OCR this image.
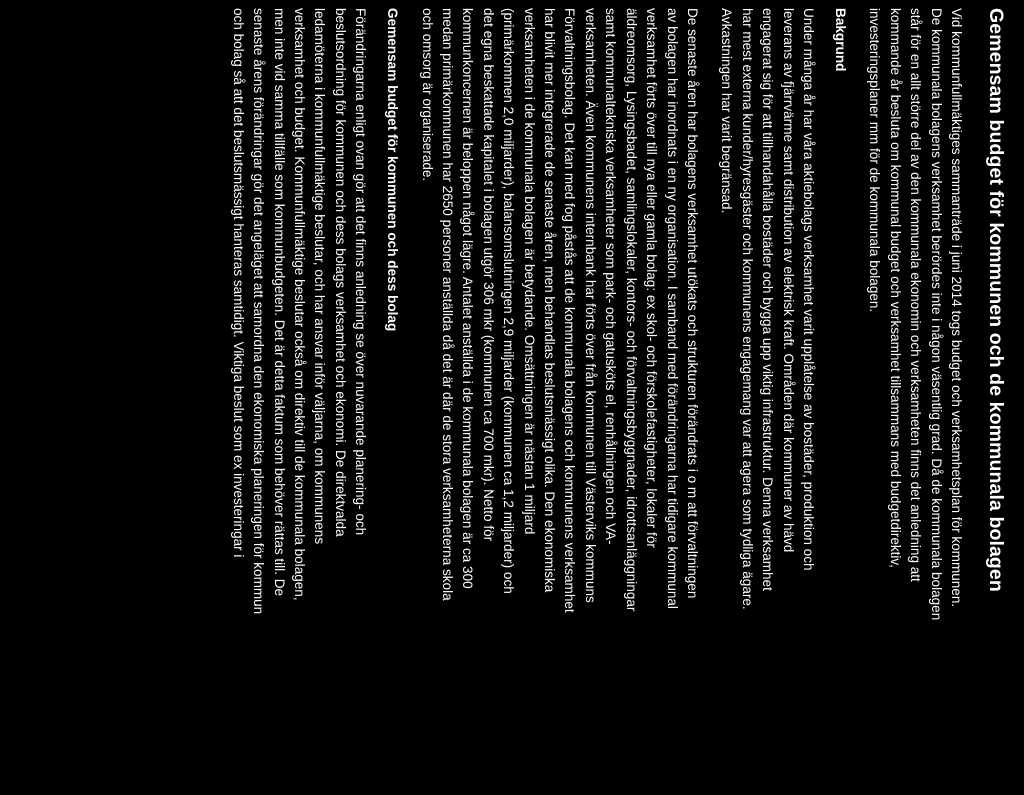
Gemensam budget för kommunen och de kommunala bolagen
Vid kommunfullmäktiges sammanträde i juni 2014 togs budget och verksamhetsplan för kommunen.
De kommunala bolagens verksamhet berördes inte i någon väsentlig grad. Då de kommunala bolagen
står för en allt större del av den kommunala ekonomin och verksamheten finns det anledning att
kommande år besluta om kommunal budget och verksamhet tillsammans med budgetdirektiv,
investeringsplaner mm för de kommunala bolagen.
Bakgrund
Under många år har våra aktiebolags verksamhet varit upplåtelse av bostäder, produktion och
leverans av fjärrvärme samt distribution av elektrisk kraft. Områden där kommuner av hävd
engagerat sig för att tillhandahålla bostäder och bygga upp viktig infrastruktur. Denna verksamhet
har mest externa kunder/hyresgäster och kommunens engagemang var att agera som tydliga ägare.
Avkastningen har varit begränsad.
De senaste åren har bolagens verksamhet utökats och strukturen förändrats i o m att förvaltningen
av bolagen har inordnats i en ny organisation. I samband med förändringarna har tidigare kommunal
verksamhet förts över till nya eller gamla bolag: ex skol- och förskolefastigheter, lokaler för
äldreomsorg, Lysingsbadet, samlingslokaler, kontors- och förvaltningsbyggnader, idrottsanläggningar
samt kommunaltekniska verksamheter som park- och gatusköts el, renhållningen och VA-
verksamheten. Även kommunens internbank har förts över från kommunen till Västerviks kommuns
Förvaltningsbolag. Det kan med fog påstås att de kommunala bolagens och kommunens verksamhet
har blivit mer integrerade de senaste åren, men behandlas beslutsmässigt olika. Den ekonomiska
verksamheten i de kommunala bolagen är betydande. Omsättningen är nästan 1 miljard
(primärkommen 2,0 miljarder), balansomslutningen 2,9 miljarder (kommunen ca 1,2 miljarder) och
det egna beskattade kapitalet i bolagen utgör 306 mkr (kommunen ca 700 mkr). Netto för
kommunkoncernen är beloppen något lägre. Antalet anställda i de kommunala bolagen är ca 300
medan primärkommunen har 2650 personer anställda då det är där de stora verksamheterna skola
och omsorg är organiserade.
Gemensam budget för kommunen och dess bolag
Förändringarna enligt ovan gör att det finns anledning se över nuvarande planering- och
beslutsordning för kommunen och dess bolags verksamhet och ekonomi. De direktvalda
ledamöterna i kommunfullmäktige beslutar, och har ansvar inför väljarna, om kommunens
verksamhet och budget. Kommunfullmäktige beslutar också om direktiv till de kommunala bolagen,
men inte vid samma tillfälle som kommunbudgeten. Det är detta faktum som behöver rättas till. De
senaste årens förändringar gör det angeläget att samordna den ekonomiska planeringen för kommun
och bolag så att det beslutsmässigt hanteras samtidigt. Viktiga beslut som ex investeringar i
